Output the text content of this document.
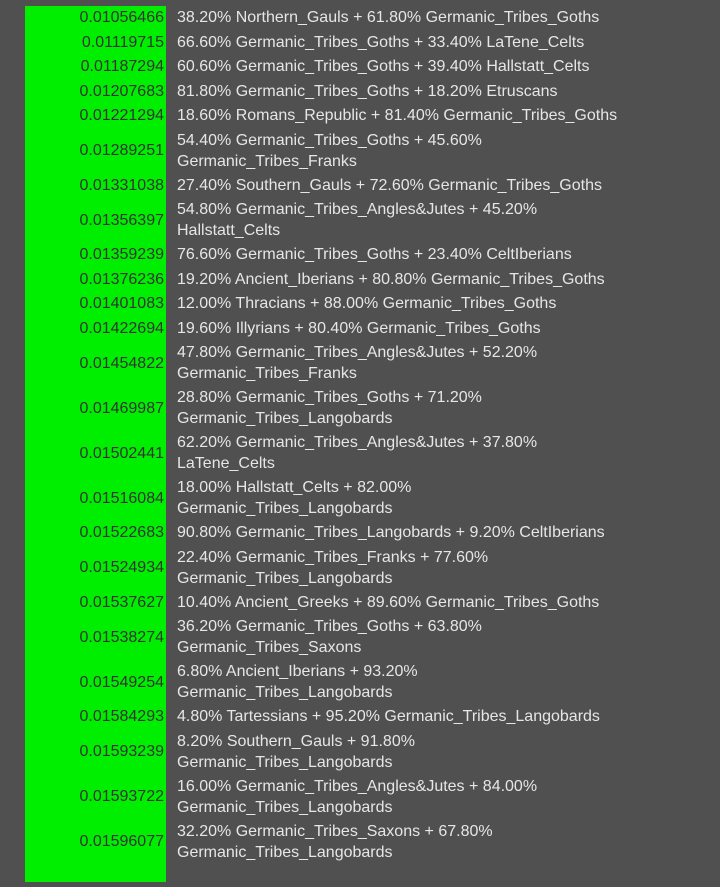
0.01056466 38.20% Northern_Gauls + 61.80% Germanic_Tribes_Goths
0.01119715 66.60% Germanic_Tribes_Goths + 33.40% LaTene_Celts
0.01187294 60.60% Germanic_Tribes_Goths + 39.40% Hallstatt_Celts
0.01207683 81.80% Germanic_Tribes_Goths + 18.20% Etruscans
0.01221294 18.60% Romans_Republic + 81.40% Germanic_Tribes_Goths
0.01289251
54.40% Germanic_Tribes_Goths + 45.60%
Germanic_Tribes_Franks
0.01331038 27.40% Southern_Gauls + 72.60% Germanic_Tribes_Goths
0.01356397
54.80% Germanic_Tribes_Angles&Jutes + 45.20%
Hallstatt_Celts
0.01359239 76.60% Germanic_Tribes_Goths + 23.40% CeltIberians
0.01376236 19.20% Ancient_Iberians + 80.80% Germanic_Tribes_Goths
0.01401083 12.00% Thracians + 88.00% Germanic_Tribes_Goths
0.01422694 19.60% Illyrians + 80.40% Germanic_Tribes_Goths
0.01454822
47.80% Germanic_Tribes_Angles&Jutes + 52.20%
Germanic_Tribes_Franks
0.01469987
28.80% Germanic_Tribes_Goths + 71.20%
Germanic_Tribes_Langobards
0.01502441
62.20% Germanic_Tribes_Angles&Jutes + 37.80%
LaTene_Celts
0.01516084
18.00% Hallstatt_Celts + 82.00%
Germanic_Tribes_Langobards
0.01522683 90.80% Germanic_Tribes_Langobards + 9.20% CeltIberians
0.01524934
22.40% Germanic_Tribes_Franks + 77.60%
Germanic_Tribes_Langobards
0.01537627 10.40% Ancient_Greeks + 89.60% Germanic_Tribes_Goths
0.01538274
36.20% Germanic_Tribes_Goths + 63.80%
Germanic_Tribes_Saxons
0.01549254
6.80% Ancient_Iberians + 93.20%
Germanic_Tribes_Langobards
0.01584293 4.80% Tartessians + 95.20% Germanic_Tribes_Langobards
0.01593239
8.20% Southern_Gauls + 91.80%
Germanic_Tribes_Langobards
0.01593722
16.00% Germanic_Tribes_Angles&Jutes + 84.00%
Germanic_Tribes_Langobards
0.01596077
32.20% Germanic_Tribes_Saxons + 67.80%
Germanic_Tribes_Langobards
